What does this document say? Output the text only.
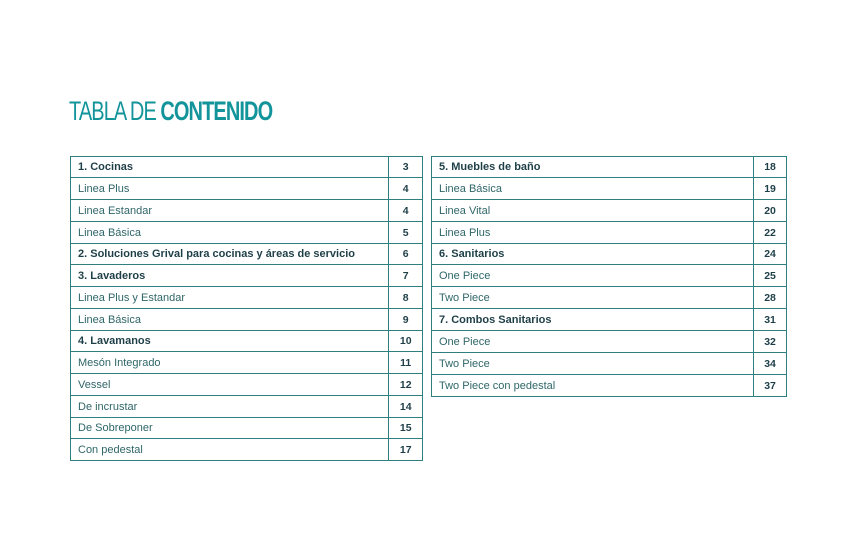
TABLA DE CONTENIDO
1. Cocinas	3
Linea Plus	4
Linea Estandar	4
Linea Básica	5
2. Soluciones Grival para cocinas y áreas de servicio	6
3. Lavaderos	7
Linea Plus y Estandar	8
Linea Básica	9
4. Lavamanos	10
Mesón Integrado	11
Vessel	12
De incrustar	14
De Sobreponer	15
Con pedestal	17
5. Muebles de baño	18
Linea Básica	19
Linea Vital	20
Linea Plus	22
6. Sanitarios	24
One Piece	25
Two Piece	28
7. Combos Sanitarios	31
One Piece	32
Two Piece	34
Two Piece con pedestal	37
